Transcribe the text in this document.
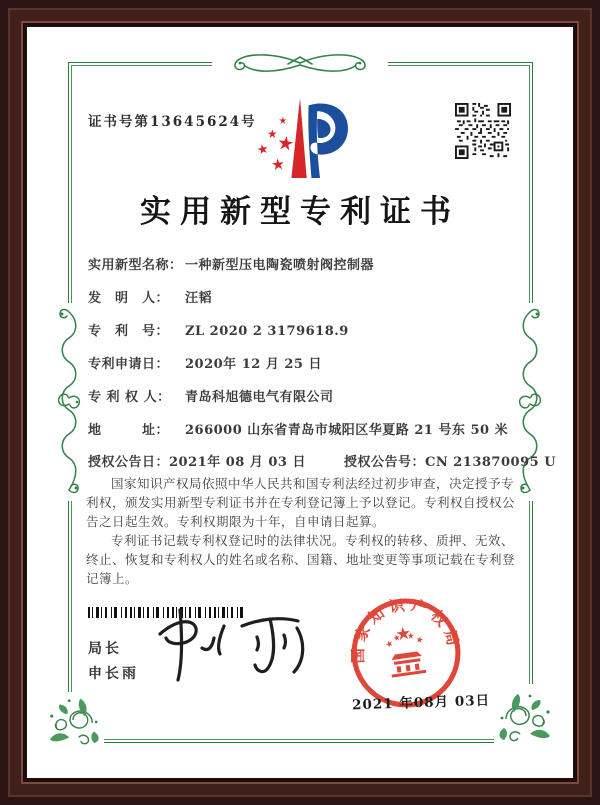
证书号第13645624号
实用新型专利证书
实用新型名称： 一种新型压电陶瓷喷射阀控制器
发　明　人： 汪韬
专　利　号： ZL 2020 2 3179618.9
专利申请日： 2020年 12 月 25 日
专 利 权 人： 青岛科旭德电气有限公司
地　　　址： 266000 山东省青岛市城阳区华夏路 21 号东 50 米
授权公告日：2021年 08 月 03 日	授权公告号：CN 213870095 U

国家知识产权局依照中华人民共和国专利法经过初步审查，决定授予专利权，颁发实用新型专利证书并在专利登记簿上予以登记。专利权自授权公告之日起生效。专利权期限为十年，自申请日起算。

专利证书记载专利权登记时的法律状况。专利权的转移、质押、无效、终止、恢复和专利权人的姓名或名称、国籍、地址变更等事项记载在专利登记簿上。

局长
申长雨
国家知识产权局
2021 年08月 03日
